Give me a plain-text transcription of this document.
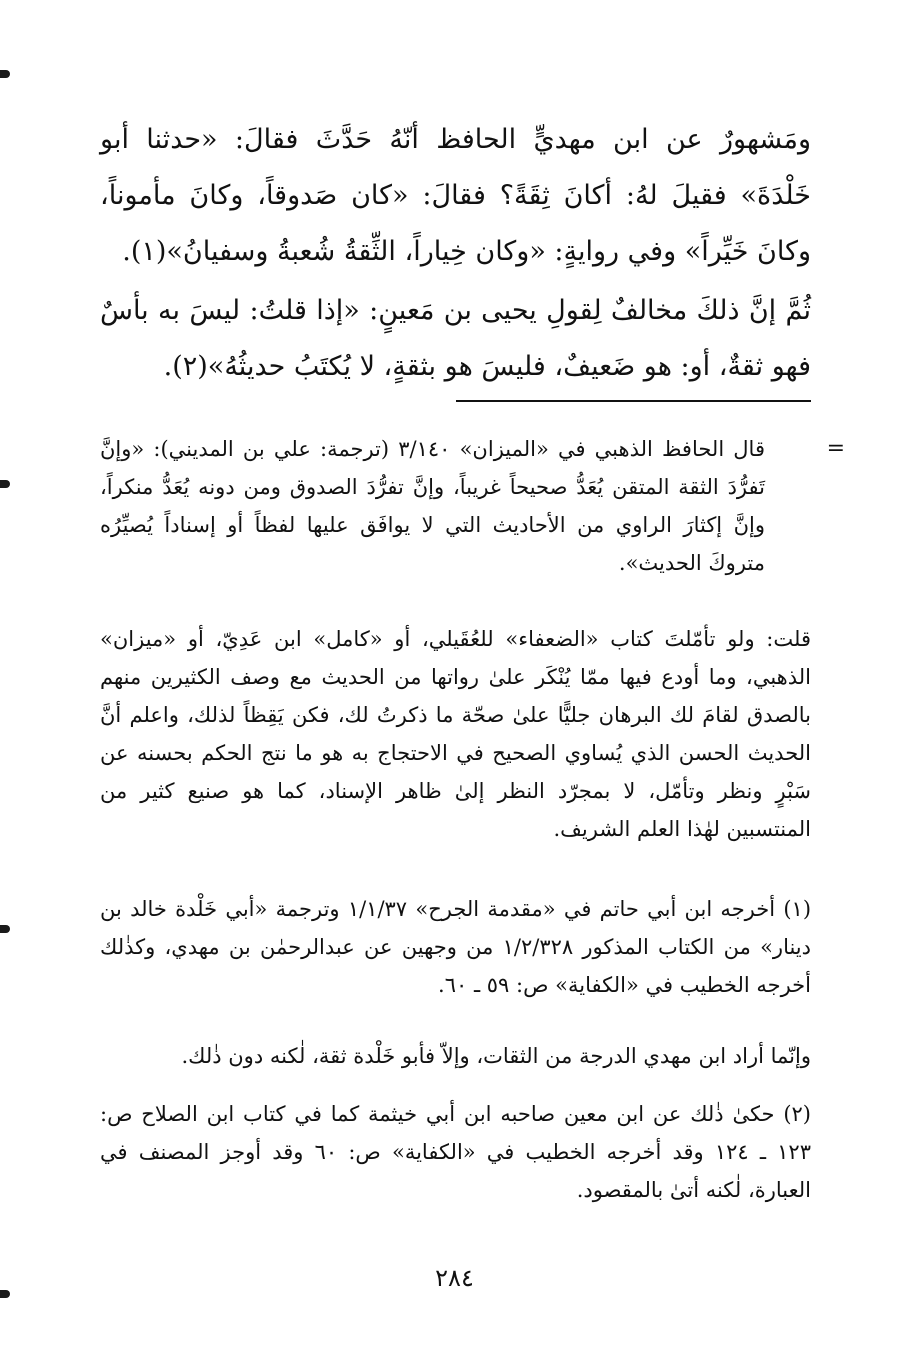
ومَشهورٌ عن ابن مهديٍّ الحافظ أنّهُ حَدَّثَ فقالَ: «حدثنا أبو خَلْدَةَ» فقيلَ لهُ: أكانَ ثِقَةً؟ فقالَ: «كان صَدوقاً، وكانَ مأموناً، وكانَ خَيِّراً» وفي روايةٍ: «وكان خِياراً، الثِّقةُ شُعبةُ وسفيانُ»(١).

ثُمَّ إنَّ ذلكَ مخالفٌ لِقولِ يحيى بن مَعينٍ: «إذا قلتُ: ليسَ به بأسٌ فهو ثقةٌ، أو: هو ضَعيفٌ، فليسَ هو بثقةٍ، لا يُكتَبُ حديثُهُ»(٢).

=

قال الحافظ الذهبي في «الميزان» ٣/١٤٠ (ترجمة: علي بن المديني): «وإنَّ تَفرُّدَ الثقة المتقن يُعَدُّ صحيحاً غريباً، وإنَّ تفرُّدَ الصدوق ومن دونه يُعَدُّ منكراً، وإنَّ إكثارَ الراوي من الأحاديث التي لا يوافَق عليها لفظاً أو إسناداً يُصيِّرُه متروكَ الحديث».

قلت: ولو تأمّلتَ كتاب «الضعفاء» للعُقَيلي، أو «كامل» ابن عَدِيّ، أو «ميزان» الذهبي، وما أودع فيها ممّا يُنْكَر علىٰ رواتها من الحديث مع وصف الكثيرين منهم بالصدق لقامَ لك البرهان جليًّا علىٰ صحّة ما ذكرتُ لك، فكن يَقِظاً لذلك، واعلم أنَّ الحديث الحسن الذي يُساوي الصحيح في الاحتجاج به هو ما نتج الحكم بحسنه عن سَبْرٍ ونظر وتأمّل، لا بمجرّد النظر إلىٰ ظاهر الإسناد، كما هو صنيع كثير من المنتسبين لهٰذا العلم الشريف.

(١) أخرجه ابن أبي حاتم في «مقدمة الجرح» ١/١/٣٧ وترجمة «أبي خَلْدة خالد بن دينار» من الكتاب المذكور ١/٢/٣٢٨ من وجهين عن عبدالرحمٰن بن مهدي، وكذٰلك أخرجه الخطيب في «الكفاية» ص: ٥٩ ـ ٦٠.

وإنّما أراد ابن مهدي الدرجة من الثقات، وإلاّ فأبو خَلْدة ثقة، لٰكنه دون ذٰلك.

(٢) حكىٰ ذٰلك عن ابن معين صاحبه ابن أبي خيثمة كما في كتاب ابن الصلاح ص: ١٢٣ ـ ١٢٤ وقد أخرجه الخطيب في «الكفاية» ص: ٦٠ وقد أوجز المصنف في العبارة، لٰكنه أتىٰ بالمقصود.

٢٨٤
